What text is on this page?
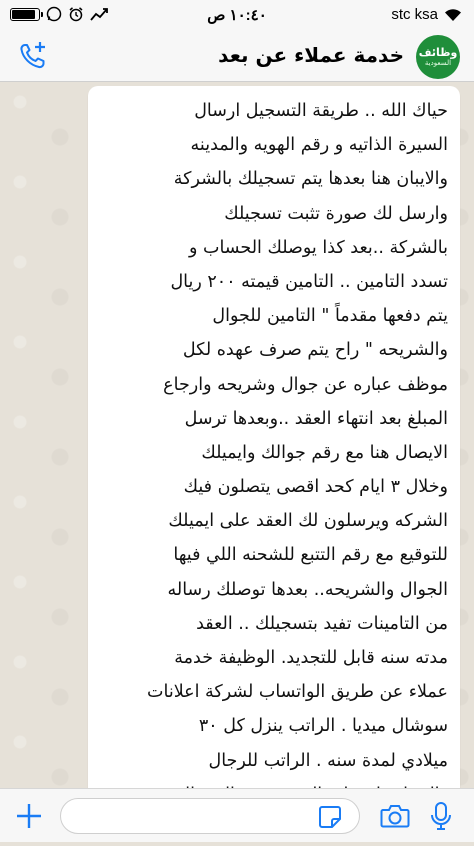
١٠:٤٠ ص	stc ksa
خدمة عملاء عن بعد وظائف
السعودية
حياك الله .. طريقة التسجيل ارسال
السيرة الذاتيه و رقم الهويه والمدينه
والايبان هنا بعدها يتم تسجيلك بالشركة
وارسل لك صورة تثبت تسجيلك
بالشركة ..بعد كذا يوصلك الحساب و
تسدد التامين .. التامين قيمته ٢٠٠ ريال
يتم دفعها مقدماً " التامين للجوال
والشريحه " راح يتم صرف عهده لكل
موظف عباره عن جوال وشريحه وارجاع
المبلغ بعد انتهاء العقد ..وبعدها ترسل
الايصال هنا مع رقم جوالك وايميلك
وخلال ٣ ايام كحد اقصى يتصلون فيك
الشركه ويرسلون لك العقد على ايميلك
للتوقيع مع رقم التتبع للشحنه اللي فيها
الجوال والشريحه.. بعدها توصلك رساله
من التامينات تفيد بتسجيلك .. العقد
مدته سنه قابل للتجديد. الوظيفة خدمة
عملاء عن طريق الواتساب لشركة اعلانات
سوشال ميديا . الراتب ينزل كل ٣٠
ميلادي لمدة سنه . الراتب للرجال
